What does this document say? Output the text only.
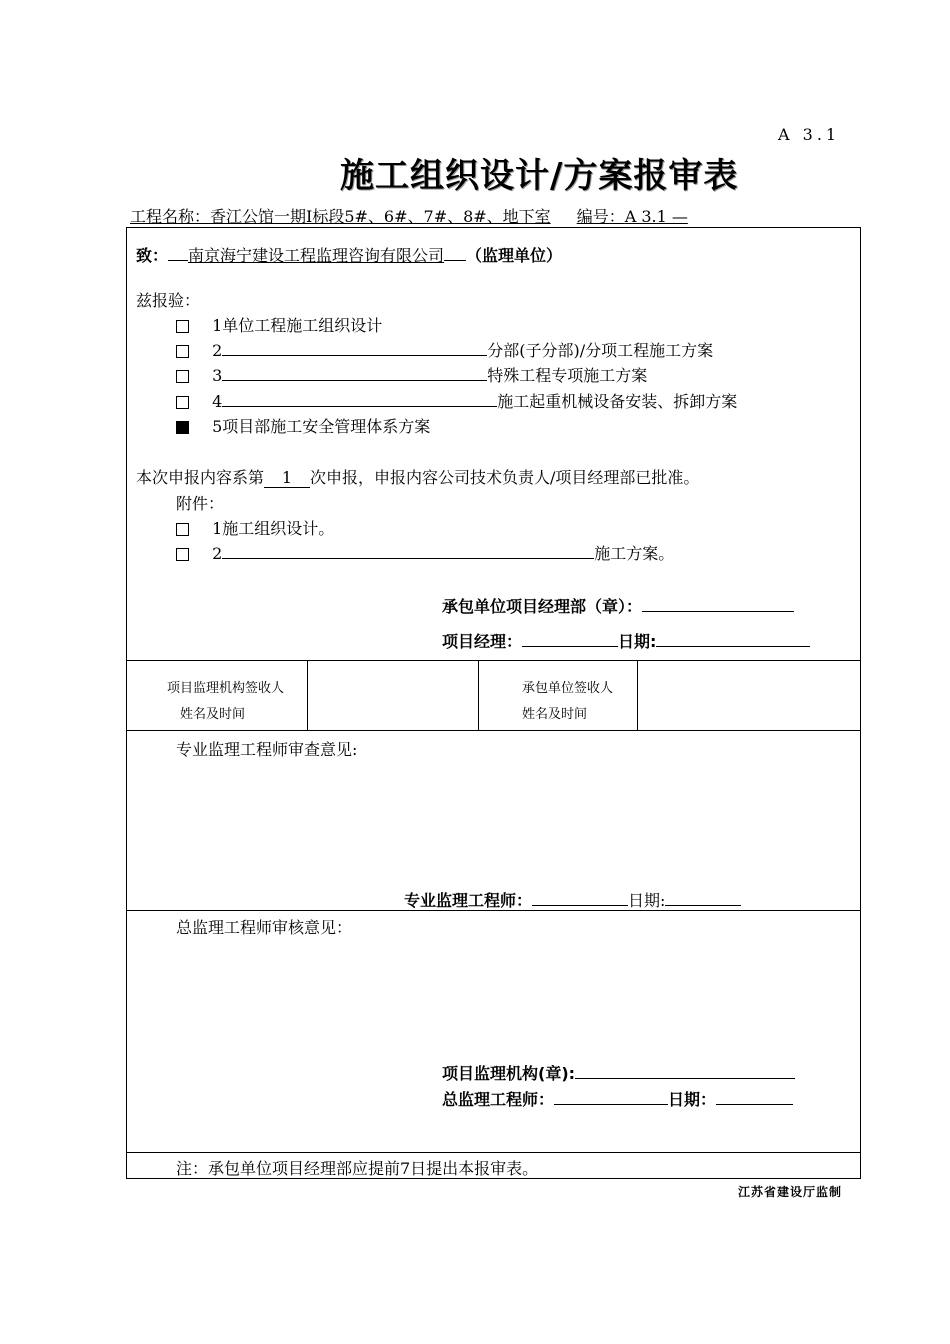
A 3.1
施工组织设计/方案报审表
工程名称：香江公馆一期Ⅰ标段5#、6#、7#、8#、地下室 编号：A 3.1 —
致： 南京海宁建设工程监理咨询有限公司 （监理单位）
兹报验：
1单位工程施工组织设计
2	分部(子分部)/分项工程施工方案
3	特殊工程专项施工方案
4	施工起重机械设备安装、拆卸方案
5项目部施工安全管理体系方案
本次申报内容系第 1 次申报，申报内容公司技术负责人/项目经理部已批准。
附件：
1施工组织设计。
2	施工方案。
承包单位项目经理部（章）：
项目经理：	日期:
项目监理机构签收人
姓名及时间
承包单位签收人
姓名及时间
专业监理工程师审查意见:
专业监理工程师：	日期:
总监理工程师审核意见：
项目监理机构(章):
总监理工程师：	日期：
注：承包单位项目经理部应提前7日提出本报审表。
江苏省建设厅监制
